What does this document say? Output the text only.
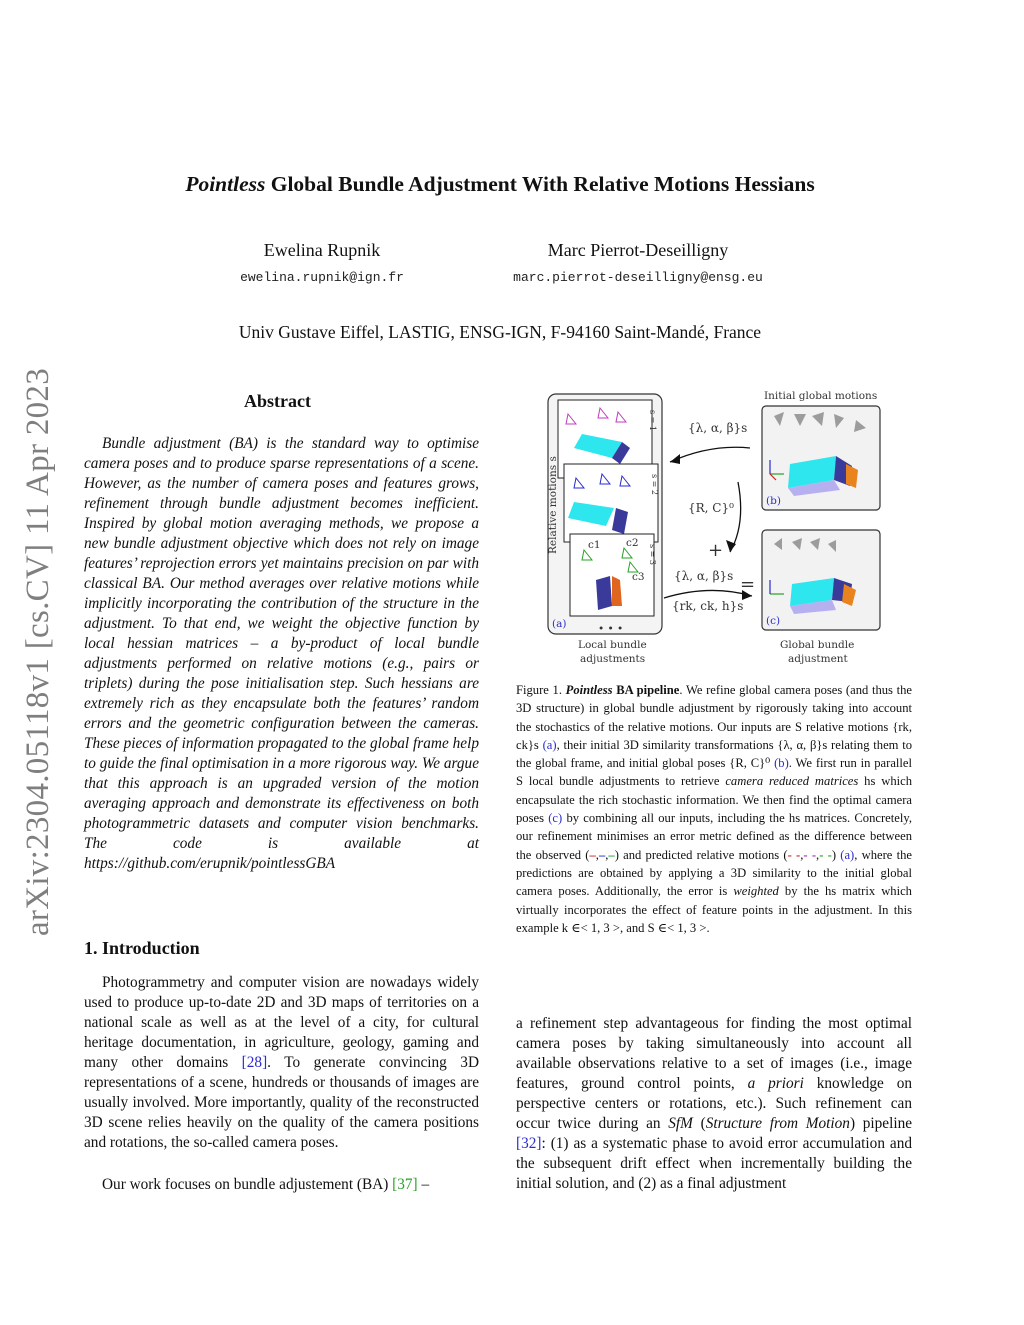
arXiv:2304.05118v1 [cs.CV] 11 Apr 2023
Pointless Global Bundle Adjustment With Relative Motions Hessians
Ewelina Rupnik	Marc Pierrot-Deseilligny
ewelina.rupnik@ign.fr	marc.pierrot-deseilligny@ensg.eu
Univ Gustave Eiffel, LASTIG, ENSG-IGN, F-94160 Saint-Mandé, France
Abstract
Bundle adjustment (BA) is the standard way to optimise camera poses and to produce sparse representations of a scene. However, as the number of camera poses and features grows, refinement through bundle adjustment becomes inefficient. Inspired by global motion averaging methods, we propose a new bundle adjustment objective which does not rely on image features’ reprojection errors yet maintains precision on par with classical BA. Our method averages over relative motions while implicitly incorporating the contribution of the structure in the adjustment. To that end, we weight the objective function by local hessian matrices – a by-product of local bundle adjustments performed on relative motions (e.g., pairs or triplets) during the pose initialisation step. Such hessians are extremely rich as they encapsulate both the features’ random errors and the geometric configuration between the cameras. These pieces of information propagated to the global frame help to guide the final optimisation in a more rigorous way. We argue that this approach is an upgraded version of the motion averaging approach and demonstrate its effectiveness on both photogrammetric datasets and computer vision benchmarks. The code is available at https://github.com/erupnik/pointlessGBA
1. Introduction
Photogrammetry and computer vision are nowadays widely used to produce up-to-date 2D and 3D maps of territories on a national scale as well as at the level of a city, for cultural heritage documentation, in agriculture, geology, gaming and many other domains [28]. To generate convincing 3D representations of a scene, hundreds or thousands of images are usually involved. More importantly, quality of the reconstructed 3D scene relies heavily on the quality of the camera positions and rotations, the so-called camera poses.
Our work focuses on bundle adjustement (BA) [37] –
a refinement step advantageous for finding the most optimal camera poses by taking simultaneously into account all available observations relative to a set of images (i.e., image features, ground control points, a priori knowledge on perspective centers or rotations, etc.). Such refinement can occur twice during an SfM (Structure from Motion) pipeline [32]: (1) as a systematic phase to avoid error accumulation and the subsequent drift effect when incrementally building the initial solution, and (2) as a final adjustment
c1 c2
c3
• • •
(a)
Relative motions s
s = 1
s = 2
s = 3
Local bundle
adjustments
(b)
Initial global motions
(c)
Global bundle
adjustment
{λ, α, β}s
{R, C}⁰
+
{λ, α, β}s =
{rk, ck, h}s
Figure 1. Pointless BA pipeline. We refine global camera poses (and thus the 3D structure) in global bundle adjustment by rigorously taking into account the stochastics of the relative motions. Our inputs are S relative motions {rk, ck}s (a), their initial 3D similarity transformations {λ, α, β}s relating them to the global frame, and initial global poses {R, C}⁰ (b). We first run in parallel S local bundle adjustments to retrieve camera reduced matrices hs which encapsulate the rich stochastic information. We then find the optimal camera poses (c) by combining all our inputs, including the hs matrices. Concretely, our refinement minimises an error metric defined as the difference between the observed (–,–,–) and predicted relative motions (- -,- -,- -) (a), where the predictions are obtained by applying a 3D similarity to the initial global camera poses. Additionally, the error is weighted by the hs matrix which virtually incorporates the effect of feature points in the adjustment. In this example k ∈< 1, 3 >, and S ∈< 1, 3 >.
